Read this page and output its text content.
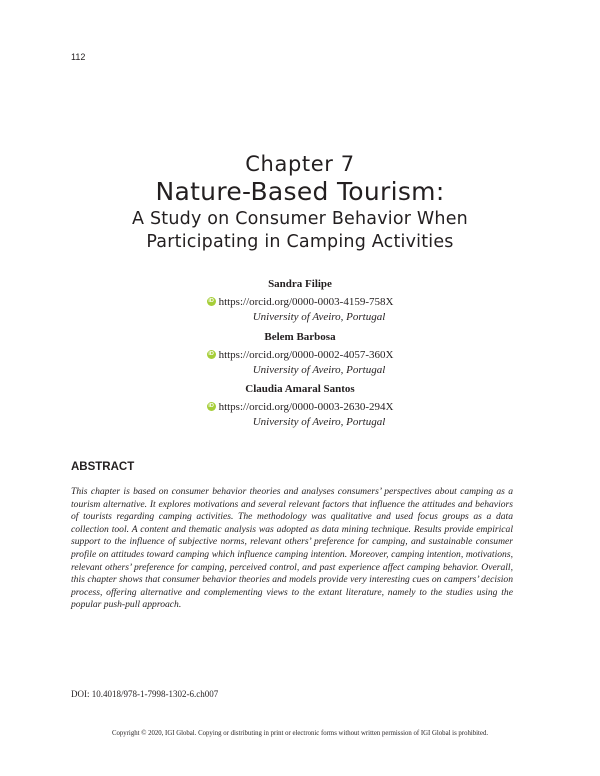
112
Chapter 7
Nature-Based Tourism:
A Study on Consumer Behavior When
Participating in Camping Activities
Sandra Filipe
iD https://orcid.org/0000-0003-4159-758X
University of Aveiro, Portugal
Belem Barbosa
iD https://orcid.org/0000-0002-4057-360X
University of Aveiro, Portugal
Claudia Amaral Santos
iD https://orcid.org/0000-0003-2630-294X
University of Aveiro, Portugal
ABSTRACT
This chapter is based on consumer behavior theories and analyses consumers’ perspectives about camping as a tourism alternative. It explores motivations and several relevant factors that influence the attitudes and behaviors of tourists regarding camping activities. The methodology was qualitative and used focus groups as a data collection tool. A content and thematic analysis was adopted as data mining technique. Results provide empirical support to the influence of subjective norms, relevant others’ preference for camping, and sustainable consumer profile on attitudes toward camping which influence camping intention. Moreover, camping intention, motivations, relevant others’ preference for camping, perceived control, and past experience affect camping behavior. Overall, this chapter shows that consumer behavior theories and models provide very interesting cues on campers’ decision process, offering alternative and complementing views to the extant literature, namely to the studies using the popular push-pull approach.
DOI: 10.4018/978-1-7998-1302-6.ch007
Copyright © 2020, IGI Global. Copying or distributing in print or electronic forms without written permission of IGI Global is prohibited.
